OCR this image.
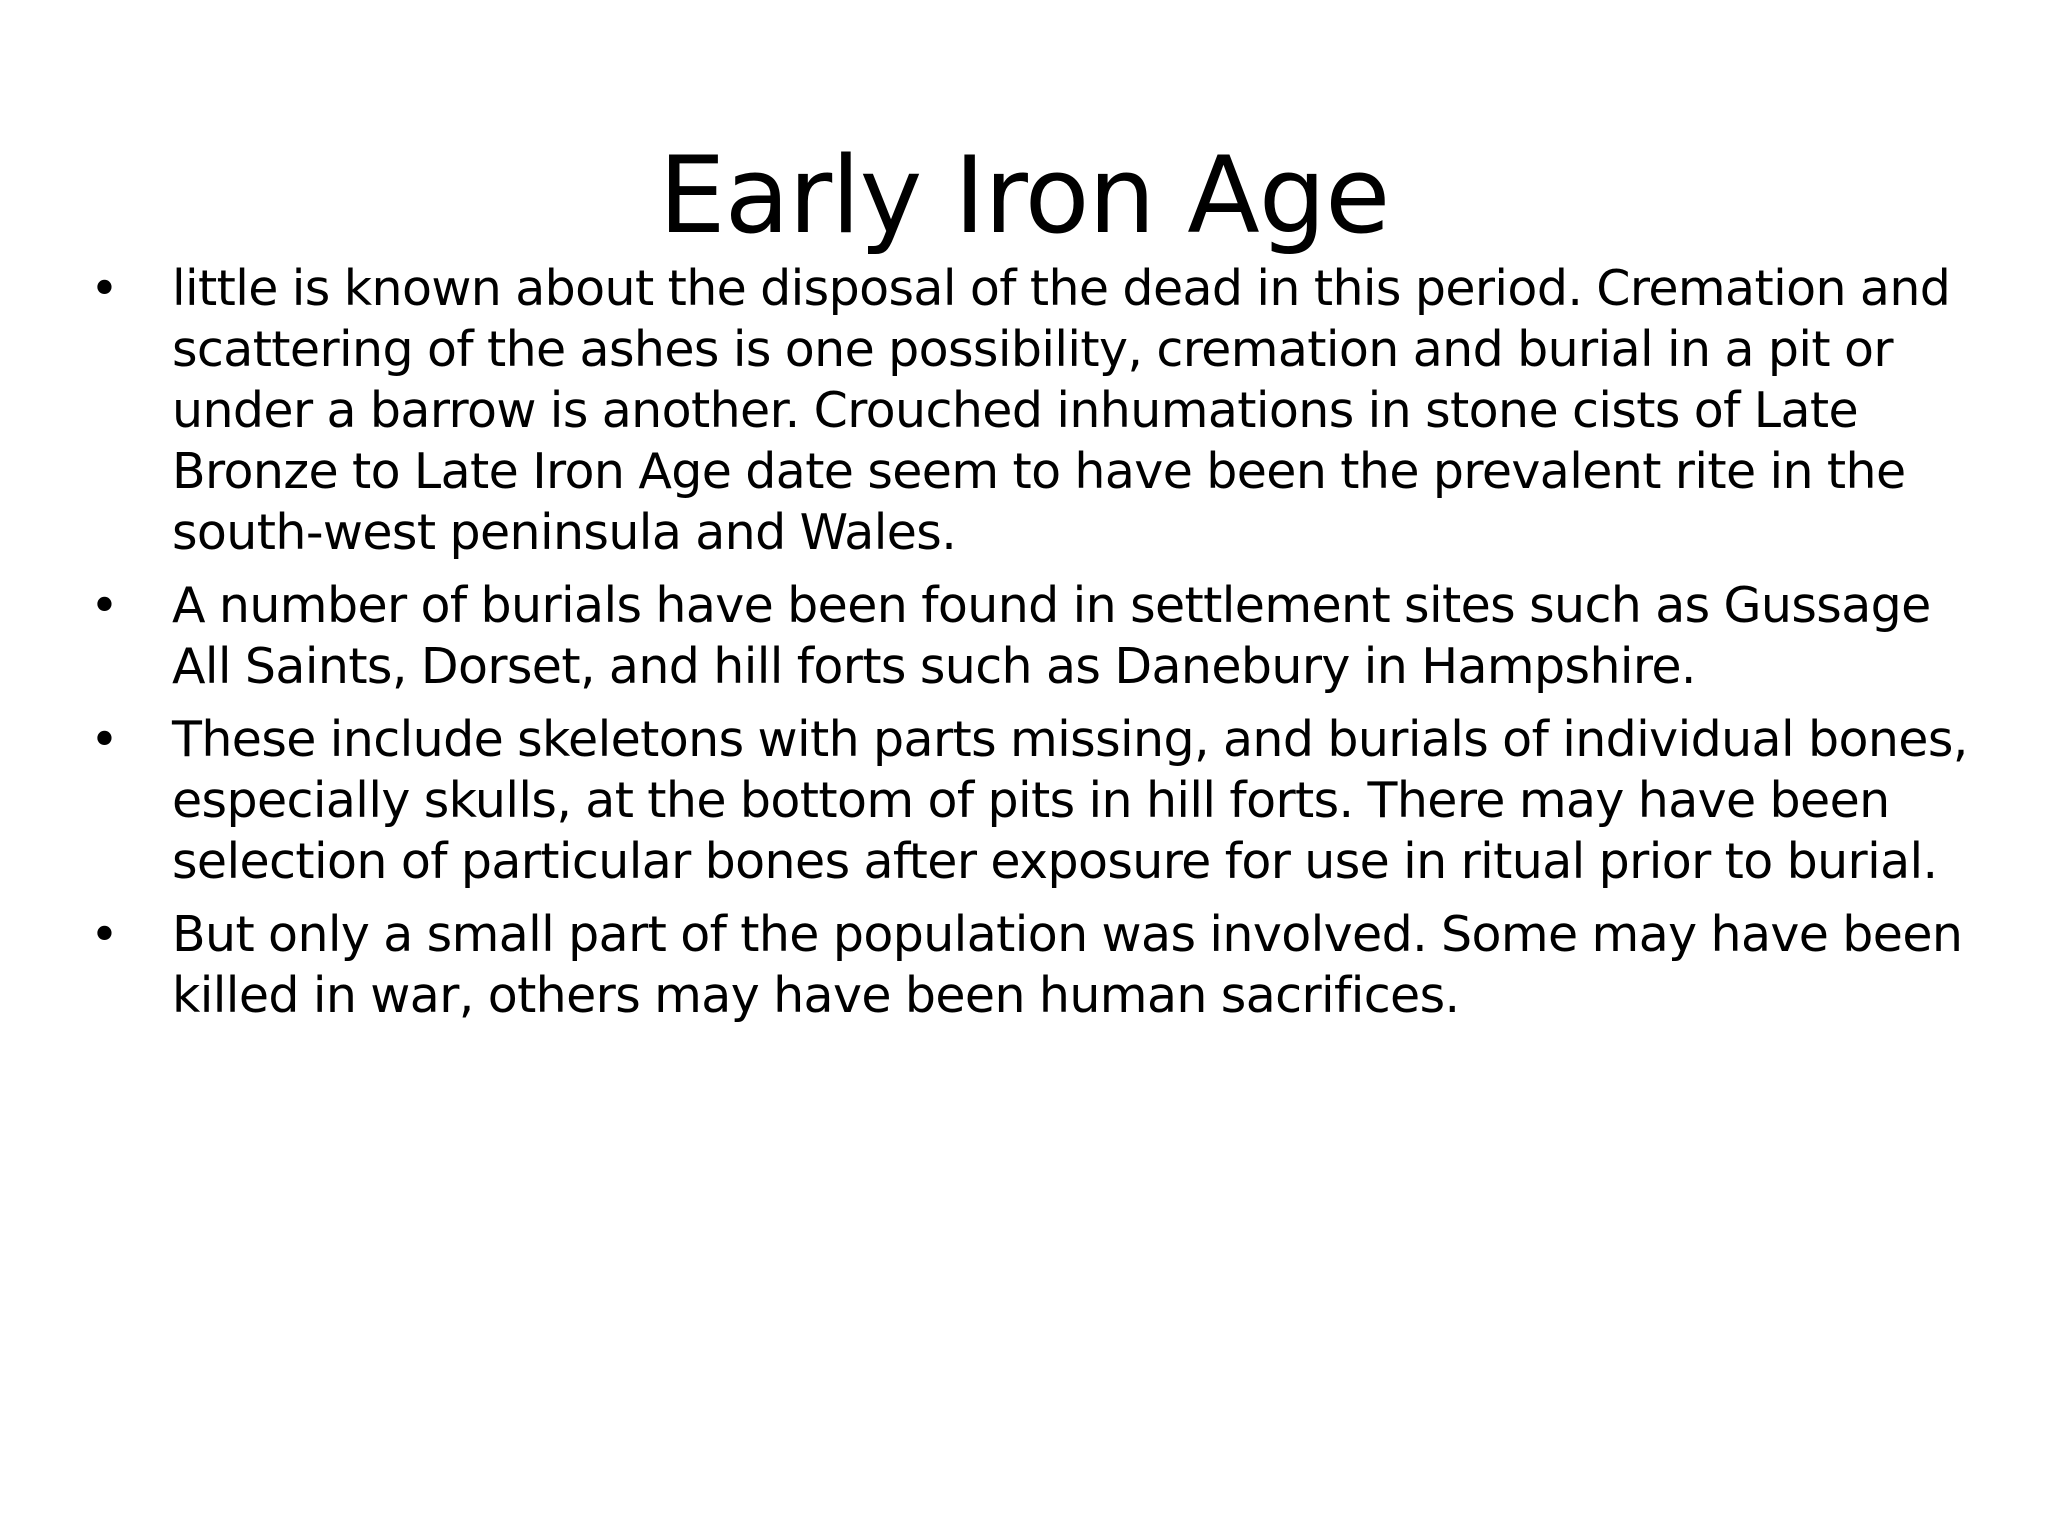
Early Iron Age
• little is known about the disposal of the dead in this period. Cremation and scattering of the ashes is one possibility, cremation and burial in a pit or under a barrow is another. Crouched inhumations in stone cists of Late Bronze to Late Iron Age date seem to have been the prevalent rite in the south-west peninsula and Wales.
• A number of burials have been found in settlement sites such as Gussage All Saints, Dorset, and hill forts such as Danebury in Hampshire.
• These include skeletons with parts missing, and burials of individual bones, especially skulls, at the bottom of pits in hill forts. There may have been selection of particular bones after exposure for use in ritual prior to burial.
• But only a small part of the population was involved. Some may have been killed in war, others may have been human sacrifices.
